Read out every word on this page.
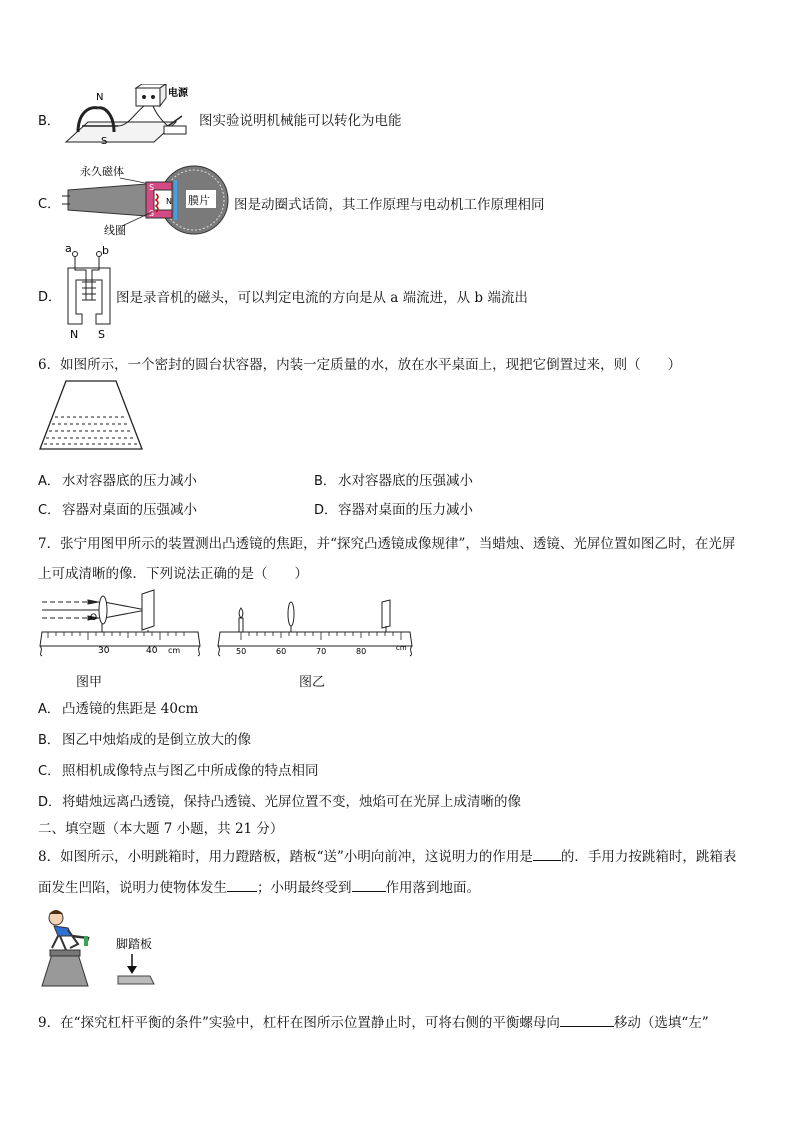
B．
N
S
电源
图实验说明机械能可以转化为电能
C．
永久磁体
S
N
S
膜片
线圈
图是动圈式话筒，其工作原理与电动机工作原理相同
D．
a	b
N S
图是录音机的磁头，可以判定电流的方向是从 a 端流进，从 b 端流出
6．如图所示，一个密封的圆台状容器，内装一定质量的水，放在水平桌面上，现把它倒置过来，则（　　）
A． 水对容器底的压力减小	B． 水对容器底的压强减小
C． 容器对桌面的压强减小	D． 容器对桌面的压力减小
7．张宁用图甲所示的装置测出凸透镜的焦距，并“探究凸透镜成像规律”，当蜡烛、透镜、光屏位置如图乙时，在光屏
上可成清晰的像．下列说法正确的是（　　）
O
30	40 cm
图甲
50	60	70	80	cm
图乙
A． 凸透镜的焦距是 40cm
B． 图乙中烛焰成的是倒立放大的像
C． 照相机成像特点与图乙中所成像的特点相同
D． 将蜡烛远离凸透镜，保持凸透镜、光屏位置不变，烛焰可在光屏上成清晰的像
二、填空题（本大题 7 小题，共 21 分）
8．如图所示，小明跳箱时，用力蹬踏板，踏板“送”小明向前冲，这说明力的作用是 的．手用力按跳箱时，跳箱表
面发生凹陷，说明力使物体发生 ；小明最终受到	作用落到地面。
脚踏板
9．在“探究杠杆平衡的条件”实验中，杠杆在图所示位置静止时，可将右侧的平衡螺母向	移动（选填“左”
